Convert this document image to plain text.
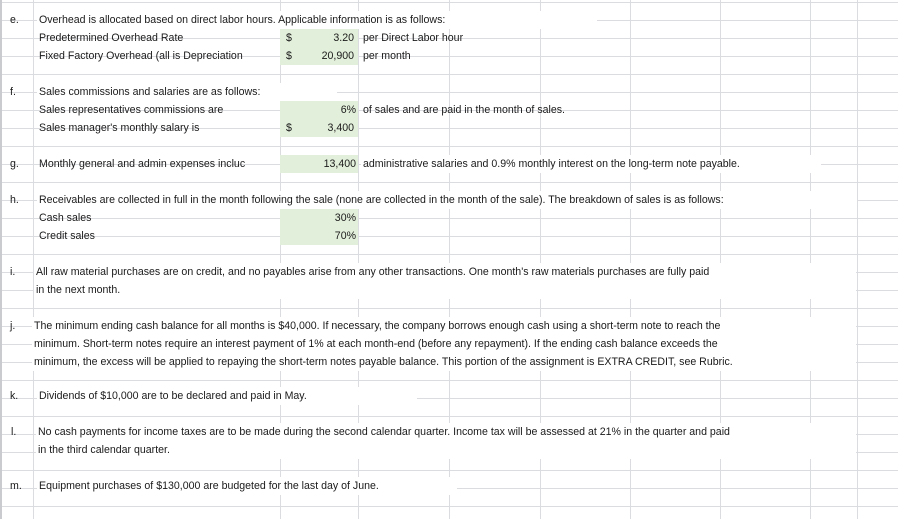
e. Overhead is allocated based on direct labor hours. Applicable information is as follows:
Predetermined Overhead Rate	$	3.20 per Direct Labor hour
Fixed Factory Overhead (all is Depreciation	$	20,900 per month
f. Sales commissions and salaries are as follows:
Sales representatives commissions are	6% of sales and are paid in the month of sales.
Sales manager's monthly salary is	$	3,400
g. Monthly general and admin expenses incluc	13,400 administrative salaries and 0.9% monthly interest on the long-term note payable.
h. Receivables are collected in full in the month following the sale (none are collected in the month of the sale). The breakdown of sales is as follows:
Cash sales	30%
Credit sales	70%
i. All raw material purchases are on credit, and no payables arise from any other transactions. One month's raw materials purchases are fully paid
in the next month.
j. The minimum ending cash balance for all months is $40,000. If necessary, the company borrows enough cash using a short-term note to reach the
minimum. Short-term notes require an interest payment of 1% at each month-end (before any repayment). If the ending cash balance exceeds the
minimum, the excess will be applied to repaying the short-term notes payable balance. This portion of the assignment is EXTRA CREDIT, see Rubric.
k. Dividends of $10,000 are to be declared and paid in May.
l. No cash payments for income taxes are to be made during the second calendar quarter. Income tax will be assessed at 21% in the quarter and paid
in the third calendar quarter.
m. Equipment purchases of $130,000 are budgeted for the last day of June.
